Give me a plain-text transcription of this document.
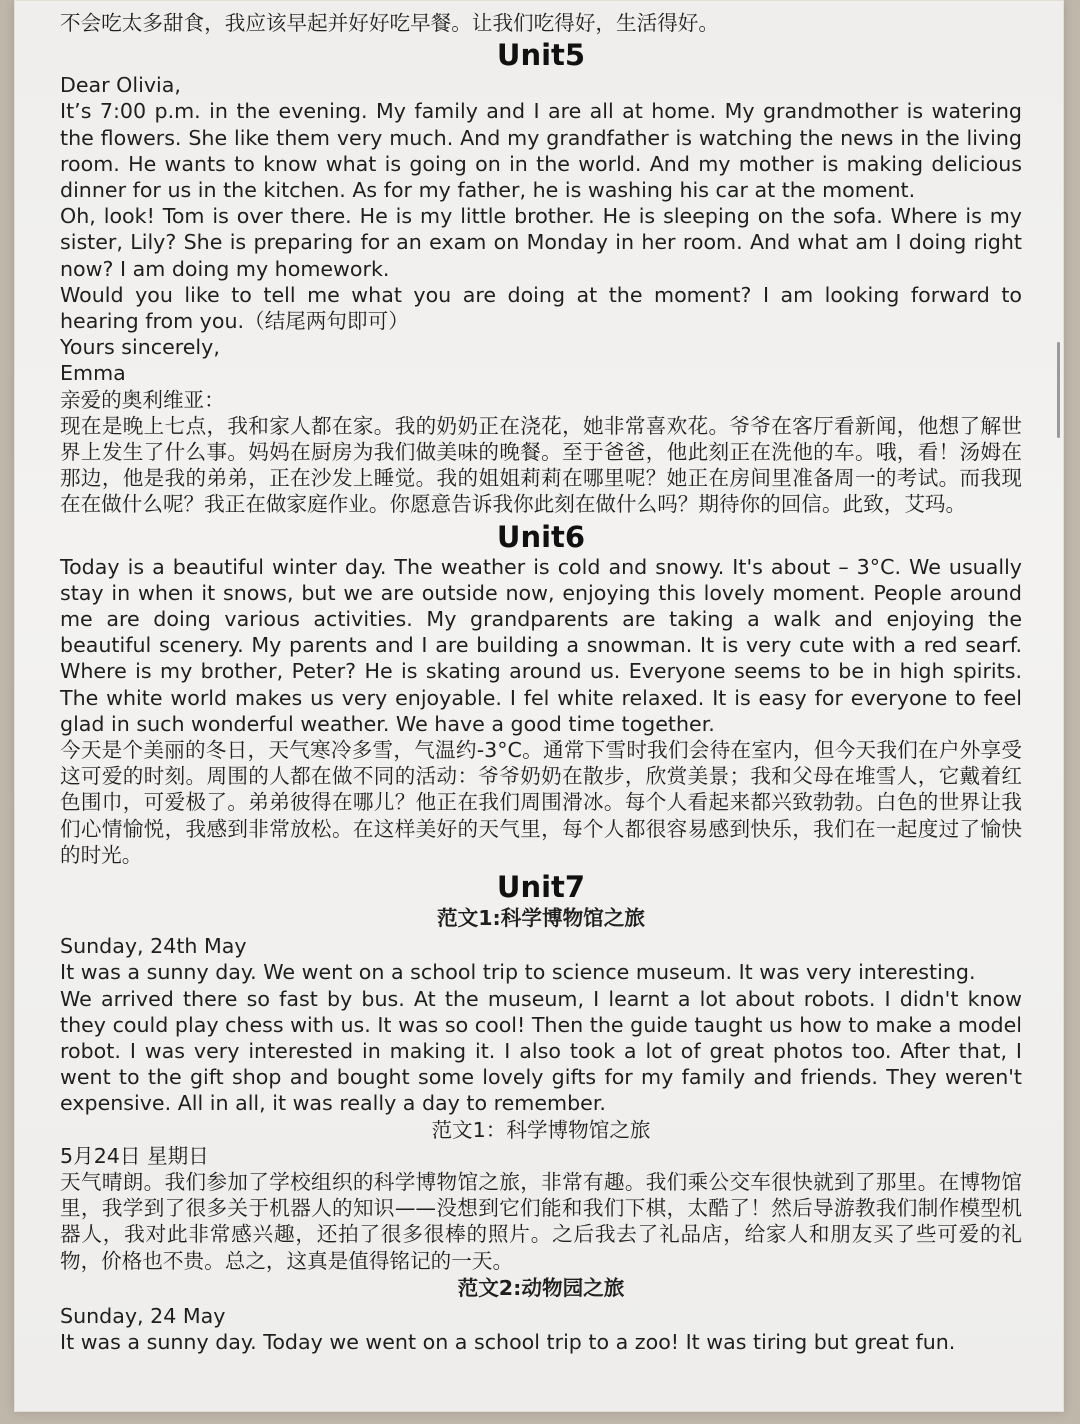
不会吃太多甜食，我应该早起并好好吃早餐。让我们吃得好，生活得好。

Unit5

Dear Olivia,

It’s 7:00 p.m. in the evening. My family and I are all at home. My grandmother is watering the flowers. She like them very much. And my grandfather is watching the news in the living room. He wants to know what is going on in the world. And my mother is making delicious dinner for us in the kitchen. As for my father, he is washing his car at the moment.

Oh, look! Tom is over there. He is my little brother. He is sleeping on the sofa. Where is my sister, Lily? She is preparing for an exam on Monday in her room. And what am I doing right now? I am doing my homework.

Would you like to tell me what you are doing at the moment? I am looking forward to hearing from you.（结尾两句即可）

Yours sincerely,

Emma

亲爱的奥利维亚：

现在是晚上七点，我和家人都在家。我的奶奶正在浇花，她非常喜欢花。爷爷在客厅看新闻，他想了解世界上发生了什么事。妈妈在厨房为我们做美味的晚餐。至于爸爸，他此刻正在洗他的车。哦，看！汤姆在那边，他是我的弟弟，正在沙发上睡觉。我的姐姐莉莉在哪里呢？她正在房间里准备周一的考试。而我现在在做什么呢？我正在做家庭作业。你愿意告诉我你此刻在做什么吗？期待你的回信。此致，艾玛。

Unit6

Today is a beautiful winter day. The weather is cold and snowy. It's about – 3°C. We usually stay in when it snows, but we are outside now, enjoying this lovely moment. People around me are doing various activities. My grandparents are taking a walk and enjoying the beautiful scenery. My parents and I are building a snowman. It is very cute with a red searf. Where is my brother, Peter? He is skating around us. Everyone seems to be in high spirits. The white world makes us very enjoyable. I fel white relaxed. It is easy for everyone to feel glad in such wonderful weather. We have a good time together.

今天是个美丽的冬日，天气寒冷多雪，气温约-3°C。通常下雪时我们会待在室内，但今天我们在户外享受这可爱的时刻。周围的人都在做不同的活动：爷爷奶奶在散步，欣赏美景；我和父母在堆雪人，它戴着红色围巾，可爱极了。弟弟彼得在哪儿？他正在我们周围滑冰。每个人看起来都兴致勃勃。白色的世界让我们心情愉悦，我感到非常放松。在这样美好的天气里，每个人都很容易感到快乐，我们在一起度过了愉快的时光。

Unit7
范文1:科学博物馆之旅

Sunday, 24th May

It was a sunny day. We went on a school trip to science museum. It was very interesting.

We arrived there so fast by bus. At the museum, I learnt a lot about robots. I didn't know they could play chess with us. It was so cool! Then the guide taught us how to make a model robot. I was very interested in making it. I also took a lot of great photos too. After that, I went to the gift shop and bought some lovely gifts for my family and friends. They weren't expensive. All in all, it was really a day to remember.

范文1：科学博物馆之旅

5月24日 星期日

天气晴朗。我们参加了学校组织的科学博物馆之旅，非常有趣。我们乘公交车很快就到了那里。在博物馆里，我学到了很多关于机器人的知识——没想到它们能和我们下棋，太酷了！然后导游教我们制作模型机器人，我对此非常感兴趣，还拍了很多很棒的照片。之后我去了礼品店，给家人和朋友买了些可爱的礼物，价格也不贵。总之，这真是值得铭记的一天。

范文2:动物园之旅

Sunday, 24 May

It was a sunny day. Today we went on a school trip to a zoo! It was tiring but great fun.
